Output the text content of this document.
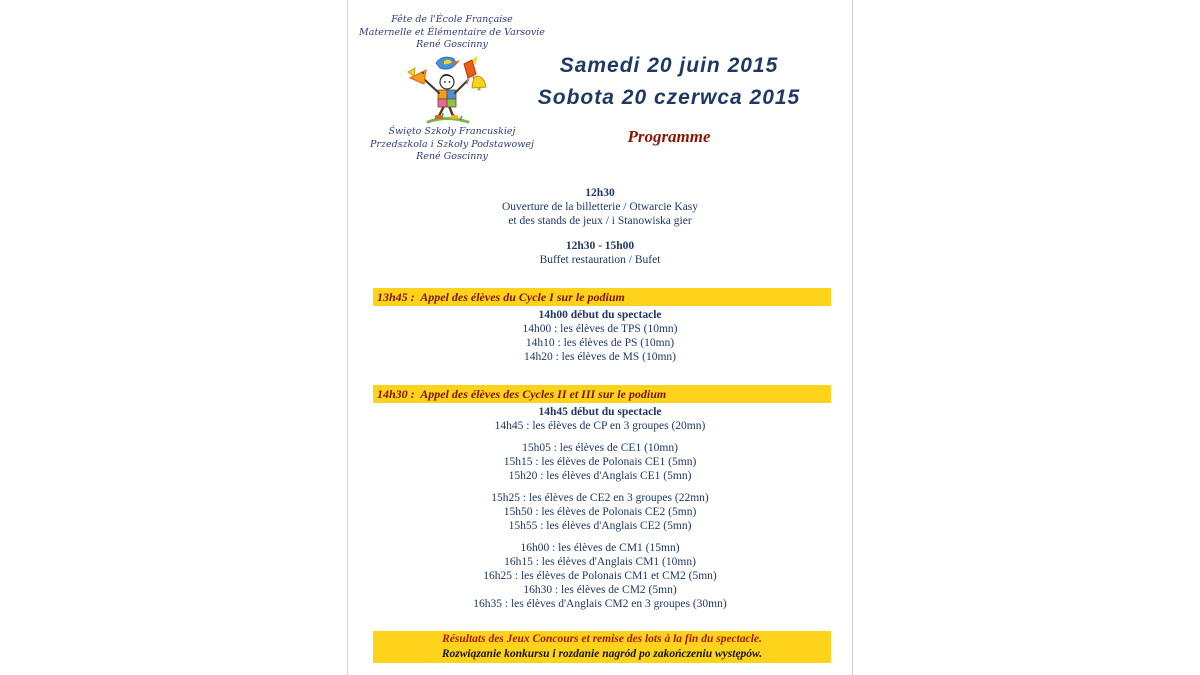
Fête de l'École Française
Maternelle et Élémentaire de Varsovie
René Goscinny
Święto Szkoły Francuskiej
Przedszkola i Szkoły Podstawowej
René Goscinny
Samedi 20 juin 2015
Sobota 20 czerwca 2015
Programme
12h30
Ouverture de la billetterie / Otwarcie Kasy
et des stands de jeux / i Stanowiska gier
12h30 - 15h00
Buffet restauration / Bufet
13h45 :  Appel des élèves du Cycle I sur le podium
14h00 début du spectacle
14h00 : les élèves de TPS (10mn)
14h10 : les élèves de PS (10mn)
14h20 : les élèves de MS (10mn)
14h30 :  Appel des élèves des Cycles II et III sur le podium
14h45 début du spectacle
14h45 : les élèves de CP en 3 groupes (20mn)
15h05 : les élèves de CE1 (10mn)
15h15 : les élèves de Polonais CE1 (5mn)
15h20 : les élèves d'Anglais CE1 (5mn)
15h25 : les élèves de CE2 en 3 groupes (22mn)
15h50 : les élèves de Polonais CE2 (5mn)
15h55 : les élèves d'Anglais CE2 (5mn)
16h00 : les élèves de CM1 (15mn)
16h15 : les élèves d'Anglais CM1 (10mn)
16h25 : les élèves de Polonais CM1 et CM2 (5mn)
16h30 : les élèves de CM2 (5mn)
16h35 : les élèves d'Anglais CM2 en 3 groupes (30mn)
Résultats des Jeux Concours et remise des lots à la fin du spectacle.
Rozwiązanie konkursu i rozdanie nagród po zakończeniu występów.
